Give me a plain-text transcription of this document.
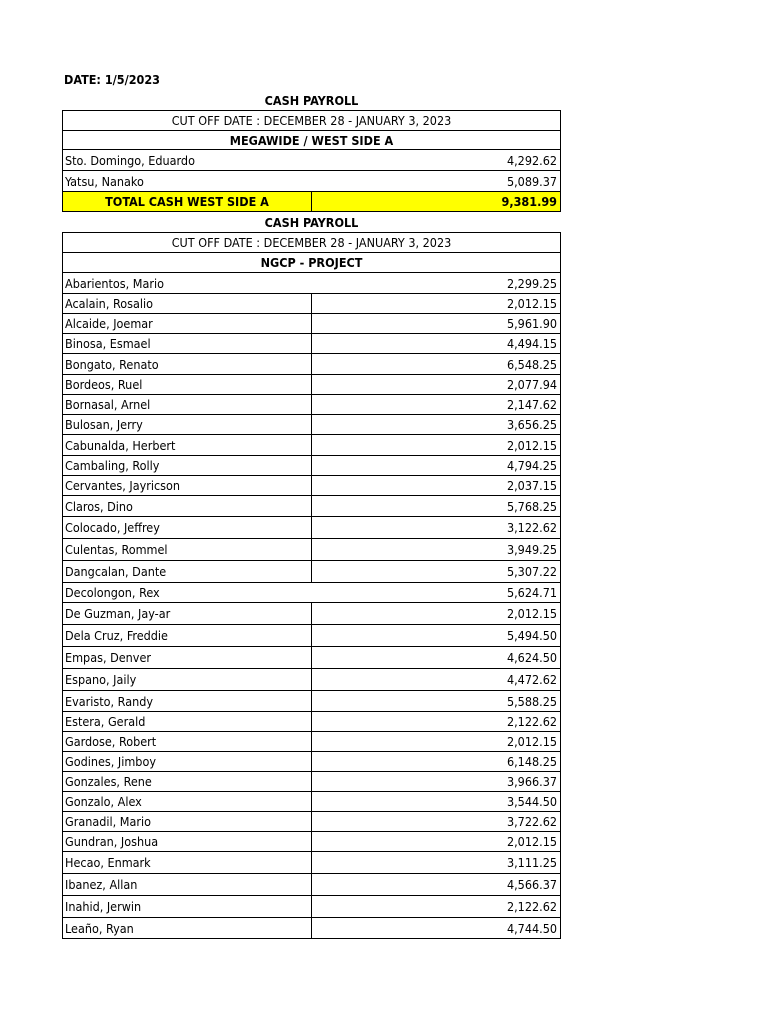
DATE: 1/5/2023
CASH PAYROLL
CUT OFF DATE : DECEMBER 28 - JANUARY 3, 2023
MEGAWIDE / WEST SIDE A
Sto. Domingo, Eduardo	4,292.62
Yatsu, Nanako	5,089.37
TOTAL CASH WEST SIDE A	9,381.99
CASH PAYROLL
CUT OFF DATE : DECEMBER 28 - JANUARY 3, 2023
NGCP - PROJECT
Abarientos, Mario	2,299.25
Acalain, Rosalio	2,012.15
Alcaide, Joemar	5,961.90
Binosa, Esmael	4,494.15
Bongato, Renato	6,548.25
Bordeos, Ruel	2,077.94
Bornasal, Arnel	2,147.62
Bulosan, Jerry	3,656.25
Cabunalda, Herbert	2,012.15
Cambaling, Rolly	4,794.25
Cervantes, Jayricson	2,037.15
Claros, Dino	5,768.25
Colocado, Jeffrey	3,122.62
Culentas, Rommel	3,949.25
Dangcalan, Dante	5,307.22
Decolongon, Rex	5,624.71
De Guzman, Jay-ar	2,012.15
Dela Cruz, Freddie	5,494.50
Empas, Denver	4,624.50
Espano, Jaily	4,472.62
Evaristo, Randy	5,588.25
Estera, Gerald	2,122.62
Gardose, Robert	2,012.15
Godines, Jimboy	6,148.25
Gonzales, Rene	3,966.37
Gonzalo, Alex	3,544.50
Granadil, Mario	3,722.62
Gundran, Joshua	2,012.15
Hecao, Enmark	3,111.25
Ibanez, Allan	4,566.37
Inahid, Jerwin	2,122.62
Leaño, Ryan	4,744.50
